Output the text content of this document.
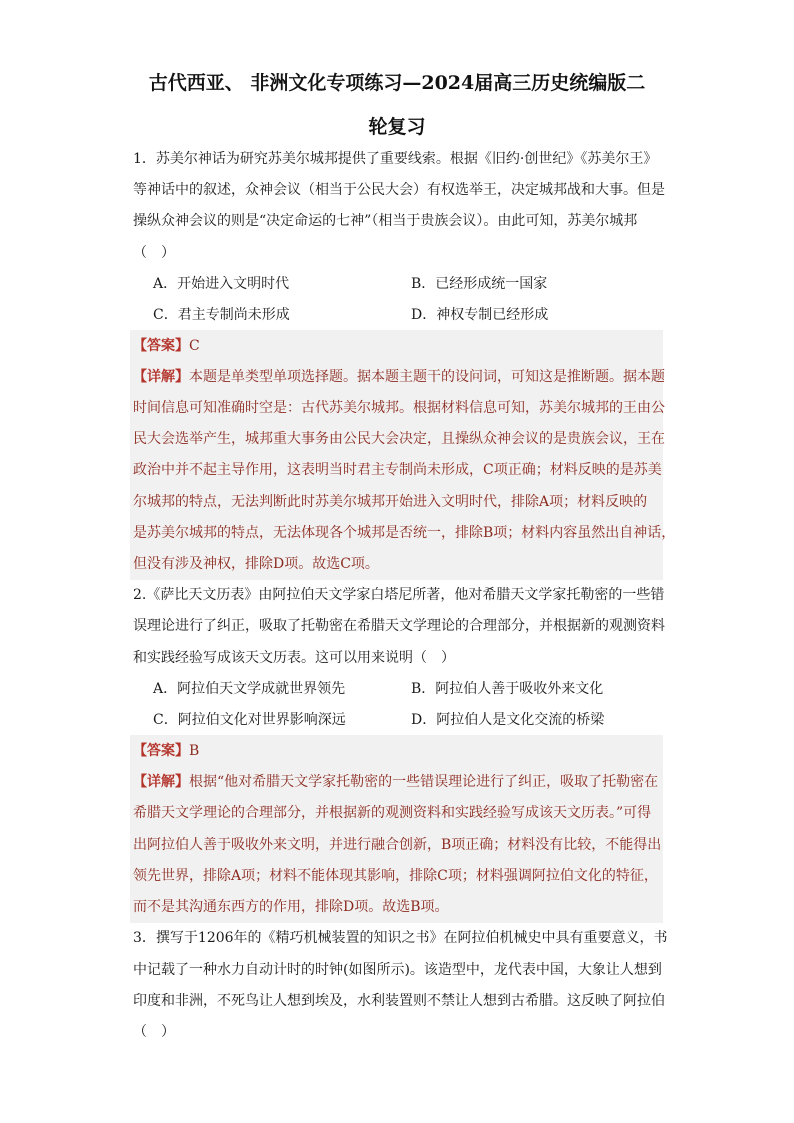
古代西亚、 非洲文化专项练习—2024届高三历史统编版二
轮复习
1．苏美尔神话为研究苏美尔城邦提供了重要线索。根据《旧约·创世纪》《苏美尔王》
等神话中的叙述，众神会议（相当于公民大会）有权选举王，决定城邦战和大事。但是
操纵众神会议的则是“决定命运的七神”（相当于贵族会议）。由此可知，苏美尔城邦
（　）
A．开始进入文明时代	B．已经形成统一国家
C．君主专制尚未形成	D．神权专制已经形成
【答案】C
【详解】本题是单类型单项选择题。据本题主题干的设问词，可知这是推断题。据本题
时间信息可知准确时空是：古代苏美尔城邦。根据材料信息可知，苏美尔城邦的王由公
民大会选举产生，城邦重大事务由公民大会决定，且操纵众神会议的是贵族会议，王在
政治中并不起主导作用，这表明当时君主专制尚未形成，C项正确；材料反映的是苏美
尔城邦的特点，无法判断此时苏美尔城邦开始进入文明时代，排除A项；材料反映的
是苏美尔城邦的特点，无法体现各个城邦是否统一，排除B项；材料内容虽然出自神话，
但没有涉及神权，排除D项。故选C项。
2.《萨比天文历表》由阿拉伯天文学家白塔尼所著，他对希腊天文学家托勒密的一些错
误理论进行了纠正，吸取了托勒密在希腊天文学理论的合理部分，并根据新的观测资料
和实践经验写成该天文历表。这可以用来说明（　）
A．阿拉伯天文学成就世界领先	B．阿拉伯人善于吸收外来文化
C．阿拉伯文化对世界影响深远	D．阿拉伯人是文化交流的桥梁
【答案】B
【详解】根据“他对希腊天文学家托勒密的一些错误理论进行了纠正，吸取了托勒密在
希腊天文学理论的合理部分，并根据新的观测资料和实践经验写成该天文历表。”可得
出阿拉伯人善于吸收外来文明，并进行融合创新，B项正确；材料没有比较，不能得出
领先世界，排除A项；材料不能体现其影响，排除C项；材料强调阿拉伯文化的特征，
而不是其沟通东西方的作用，排除D项。故选B项。
3．撰写于1206年的《精巧机械装置的知识之书》在阿拉伯机械史中具有重要意义，书
中记载了一种水力自动计时的时钟(如图所示)。该造型中，龙代表中国，大象让人想到
印度和非洲，不死鸟让人想到埃及，水利装置则不禁让人想到古希腊。这反映了阿拉伯
（　）
